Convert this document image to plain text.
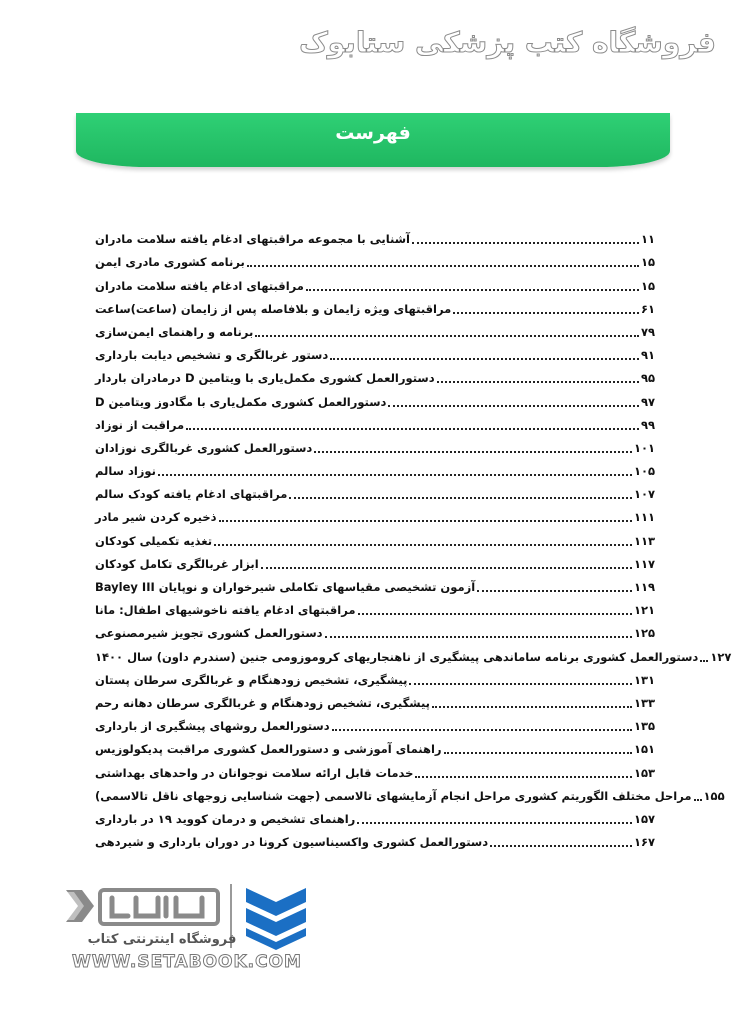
فروشگاه کتب پزشکی ستابوک
فهرست
آشنایی با مجموعه مراقبتهای ادغام یافته سلامت مادران	۱۱
برنامه کشوری مادری ایمن	۱۵
مراقبتهای ادغام یافته سلامت مادران	۱۵
مراقبتهای ویژه زایمان و بلافاصله پس از زایمان (ساعت)ساعت	۶۱
برنامه و راهنمای ایمن‌سازی	۷۹
دستور غربالگری و تشخیص دیابت بارداری	۹۱
دستورالعمل کشوری مکمل‌یاری با ویتامین D درمادران باردار	۹۵
دستورالعمل کشوری مکمل‌یاری با مگادوز ویتامین D	۹۷
مراقبت از نوزاد	۹۹
دستورالعمل کشوری غربالگری نوزادان	۱۰۱
نوزاد سالم	۱۰۵
مراقبتهای ادغام یافته کودک سالم	۱۰۷
ذخیره کردن شیر مادر	۱۱۱
تغذیه تکمیلی کودکان	۱۱۳
ابزار غربالگری تکامل کودکان	۱۱۷
آزمون تشخیصی مقیاسهای تکاملی شیرخواران و نوپایان Bayley III	۱۱۹
مراقبتهای ادغام یافته ناخوشیهای اطفال: مانا	۱۲۱
دستورالعمل کشوری تجویز شیرمصنوعی	۱۲۵
دستورالعمل کشوری برنامه ساماندهی پیشگیری از ناهنجاریهای کروموزومی جنین (سندرم داون) سال ۱۴۰۰ ۱۲۷
پیشگیری، تشخیص زودهنگام و غربالگری سرطان پستان	۱۳۱
پیشگیری، تشخیص زودهنگام و غربالگری سرطان دهانه رحم	۱۳۳
دستورالعمل روشهای پیشگیری از بارداری	۱۳۵
راهنمای آموزشی و دستورالعمل کشوری مراقبت پدیکولوزیس	۱۵۱
خدمات قابل ارائه سلامت نوجوانان در واحدهای بهداشتی	۱۵۳
مراحل مختلف الگوریتم کشوری مراحل انجام آزمایشهای تالاسمی (جهت شناسایی زوجهای ناقل تالاسمی) ۱۵۵
راهنمای تشخیص و درمان کووید ۱۹ در بارداری	۱۵۷
دستورالعمل کشوری واکسیناسیون کرونا در دوران بارداری و شیردهی	۱۶۷
فروشگاه اینترنتی کتاب
WWW.SETABOOK.COM
